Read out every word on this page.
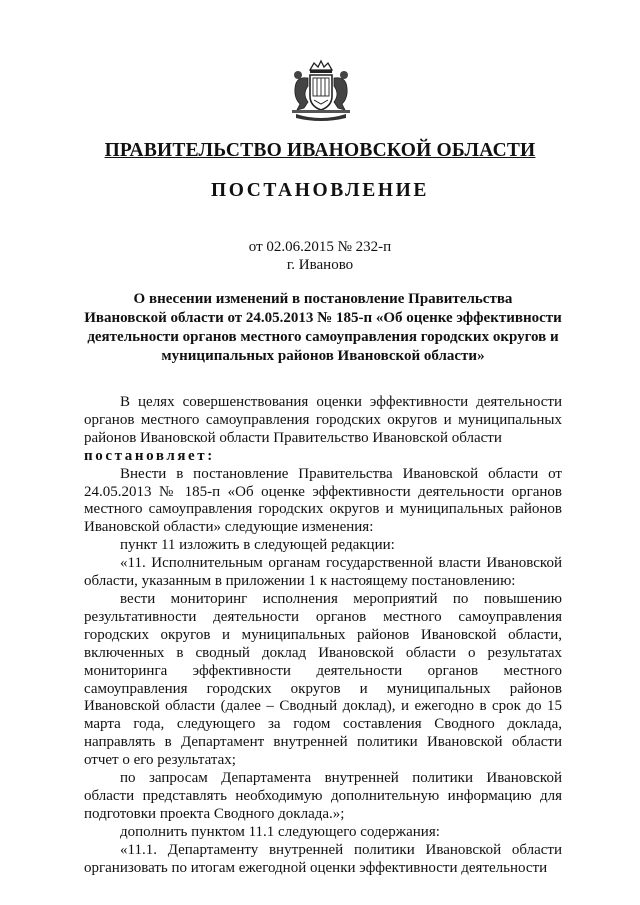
ПРАВИТЕЛЬСТВО ИВАНОВСКОЙ ОБЛАСТИ
ПОСТАНОВЛЕНИЕ
от 02.06.2015 № 232-п
г. Иваново
О внесении изменений в постановление Правительства
Ивановской области от 24.05.2013 № 185-п «Об оценке эффективности
деятельности органов местного самоуправления городских округов и
муниципальных районов Ивановской области»

В целях совершенствования оценки эффективности деятельности органов местного самоуправления городских округов и муниципальных районов Ивановской области Правительство Ивановской области
постановляет:

Внести в постановление Правительства Ивановской области от 24.05.2013 № 185-п «Об оценке эффективности деятельности органов местного самоуправления городских округов и муниципальных районов Ивановской области» следующие изменения:

пункт 11 изложить в следующей редакции:

«11. Исполнительным органам государственной власти Ивановской области, указанным в приложении 1 к настоящему постановлению:

вести мониторинг исполнения мероприятий по повышению результативности деятельности органов местного самоуправления городских округов и муниципальных районов Ивановской области, включенных в сводный доклад Ивановской области о результатах мониторинга эффективности деятельности органов местного самоуправления городских округов и муниципальных районов Ивановской области (далее – Сводный доклад), и ежегодно в срок до 15 марта года, следующего за годом составления Сводного доклада, направлять в Департамент внутренней политики Ивановской области отчет о его результатах;

по запросам Департамента внутренней политики Ивановской области представлять необходимую дополнительную информацию для подготовки проекта Сводного доклада.»;

дополнить пунктом 11.1 следующего содержания:

«11.1. Департаменту внутренней политики Ивановской области организовать по итогам ежегодной оценки эффективности деятельности
